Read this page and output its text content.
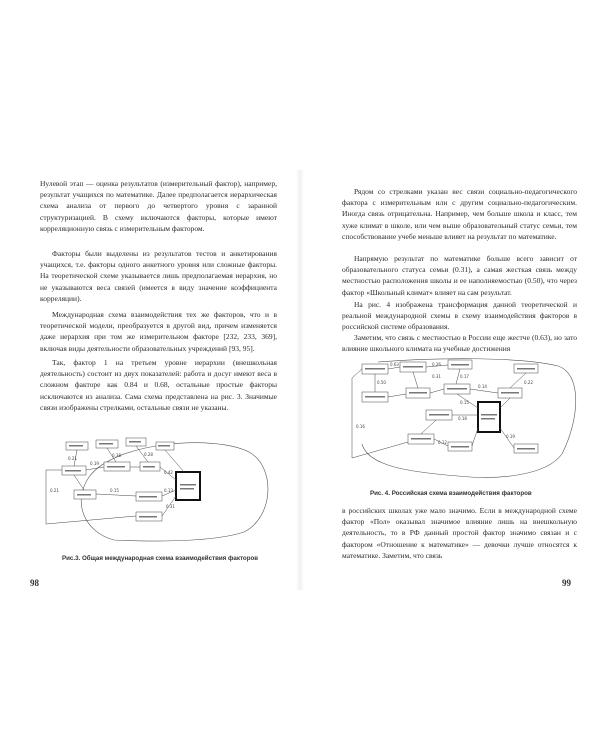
Нулевой этап — оценка результатов (измерительный фактор), например, результат учащихся по математике. Далее предполагается иерархическая схема анализа от первого до четвертого уровня с заранной структуризацией. В схему включаются факторы, которые имеют корреляционную связь с измерительным фактором.

Факторы были выделены из результатов тестов и анкетирования учащихся, т.е. факторы одного анкетного уровня или сложные факторы. На теоретической схеме указывается лишь предполагаемая иерархия, но не указываются веса связей (имеется в виду значение коэффициента корреляции).

Международная схема взаимодействия тех же факторов, что и в теоретической модели, преобразуется в другой вид, причем изменяется даже иерархия при том же измерительном факторе [232, 233, 369], включая виды деятельности образовательных учреждений [93, 95].

Так, фактор 1 на третьем уровне иерархии (внешкольная деятельность) состоит из двух показателей: работа и досуг имеют веса в сложном факторе как 0.84 и 0.68, остальные простые факторы исключаются из анализа. Сама схема представлена на рис. 3. Значимые связи изображены стрелками, остальные связи не указаны.

0.21
0.38	0.28
0.19
0.42
0.15	0.13
0.31
0.21
Рис.3. Общая международная схема взаимодействия факторов
98

Рядом со стрелками указан вес связи социально-педагогического фактора с измерительным или с другим социально-педагогическим. Иногда связь отрицательна. Например, чем больше школа и класс, тем хуже климат в школе, или чем выше образовательный статус семьи, тем способствование учебе меньше влияет на результат по математике.

Напрямую результат по математике больше всего зависит от образовательного статуса семьи (0.31), а самая жесткая связь между местностью расположения школы и ее наполняемостью (0.50), что через фактор «Школьный климат» влияет на сам результат.

На рис. 4 изображена трансформация данной теоретической и реальной международной схемы в схему взаимодействия факторов в российской системе образования.

Заметим, что связь с местностью в России еще жестче (0.63), но зато влияние школьного климата на учебные достижения

0.50
0.63
0.31
0.26
0.17
0.14
0.15
0.18
0.22
0.12
0.19
0.16
Рис. 4. Российская схема взаимодействия факторов

в российских школах уже мало значимо. Если в международной схеме фактор «Пол» оказывал значимое влияние лишь на внешкольную деятельность, то в РФ данный простой фактор значимо связан и с фактором «Отношение к математике» — девочки лучше относятся к математике. Заметим, что связь

99
